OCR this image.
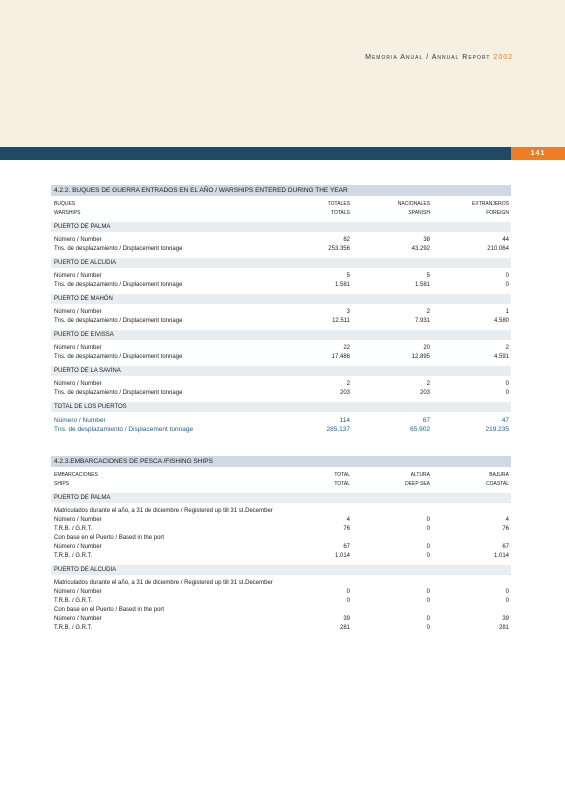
Memoria Anual / Annual Report 2002
141
4.2.2. BUQUES DE GUERRA ENTRADOS EN EL AÑO / WARSHIPS ENTERED DURING THE YEAR
BUQUES	TOTALES	NACIONALES	EXTRANJEROS
WARSHIPS	TOTALS	SPANISH	FOREIGN
PUERTO DE PALMA
Número / Number	82	38	44
Tns. de desplazamiento / Displacement tonnage	253.356	43.292	210.064
PUERTO DE ALCUDIA
Número / Number	5	5	0
Tns. de desplazamiento / Displacement tonnage	1.581	1.581	0
PUERTO DE MAHÓN
Número / Number	3	2	1
Tns. de desplazamiento / Displacement tonnage	12.511	7.931	4.580
PUERTO DE EIVISSA
Número / Number	22	20	2
Tns. de desplazamiento / Displacement tonnage	17.486	12.895	4.591
PUERTO DE LA SAVINA
Número / Number	2	2	0
Tns. de desplazamiento / Displacement tonnage	203	203	0
TOTAL DE LOS PUERTOS
Número / Number	114	67	47
Tns. de desplazamiento / Displacement tonnage	285.137	65.902	219.235
4.2.3.EMBARCACIONES DE PESCA /FISHING SHIPS
EMBARCACIONES	TOTAL	ALTURA	BAJURA
SHIPS	TOTAL	DEEP SEA	COASTAL
PUERTO DE PALMA
Matriculados durante el año, a 31 de diciembre / Registered up till 31 st.December
Número / Number	4	0	4
T.R.B. / G.R.T.	76	0	76
Con base en el Puerto / Based in the port
Número / Number	67	0	67
T.R.B. / G.R.T.	1.014	0	1.014
PUERTO DE ALCUDIA
Matriculados durante el año, a 31 de diciembre / Registered up till 31 st.December
Número / Number	0	0	0
T.R.B. / G.R.T.	0	0	0
Con base en el Puerto / Based in the port
Número / Number	39	0	39
T.R.B. / G.R.T.	281	0	281
